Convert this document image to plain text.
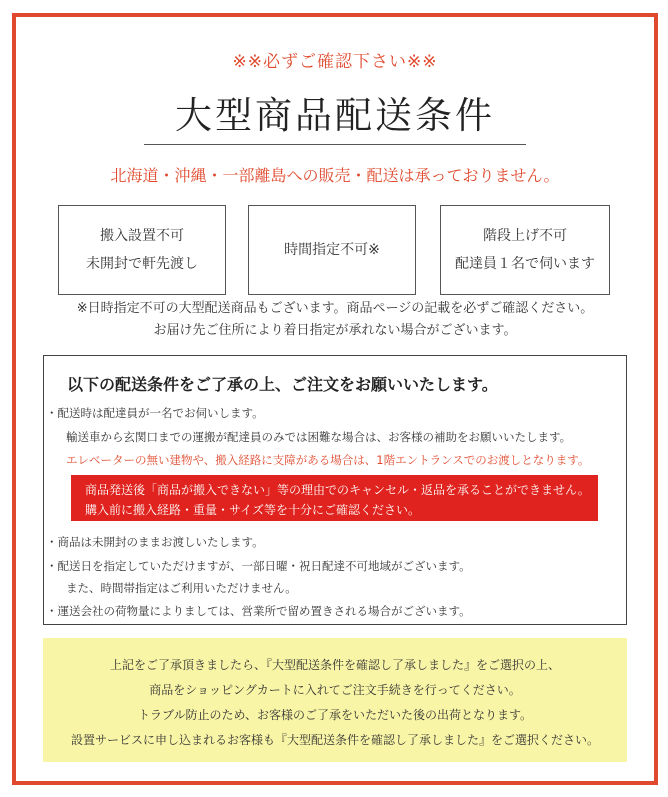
※※必ずご確認下さい※※
大型商品配送条件
北海道・沖縄・一部離島への販売・配送は承っておりません。
搬入設置不可
未開封で軒先渡し
時間指定不可※
階段上げ不可
配達員１名で伺います
※日時指定不可の大型配送商品もございます。商品ページの記載を必ずご確認ください。
お届け先ご住所により着日指定が承れない場合がございます。
以下の配送条件をご了承の上、ご注文をお願いいたします。
・配送時は配達員が一名でお伺いします。
輸送車から玄関口までの運搬が配達員のみでは困難な場合は、お客様の補助をお願いいたします。
エレベーターの無い建物や、搬入経路に支障がある場合は、1階エントランスでのお渡しとなります。
商品発送後「商品が搬入できない」等の理由でのキャンセル・返品を承ることができません。
購入前に搬入経路・重量・サイズ等を十分にご確認ください。
・商品は未開封のままお渡しいたします。
・配送日を指定していただけますが、一部日曜・祝日配達不可地域がございます。
また、時間帯指定はご利用いただけません。
・運送会社の荷物量によりましては、営業所で留め置きされる場合がございます。
上記をご了承頂きましたら、『大型配送条件を確認し了承しました』をご選択の上、
商品をショッピングカートに入れてご注文手続きを行ってください。
トラブル防止のため、お客様のご了承をいただいた後の出荷となります。
設置サービスに申し込まれるお客様も『大型配送条件を確認し了承しました』をご選択ください。
